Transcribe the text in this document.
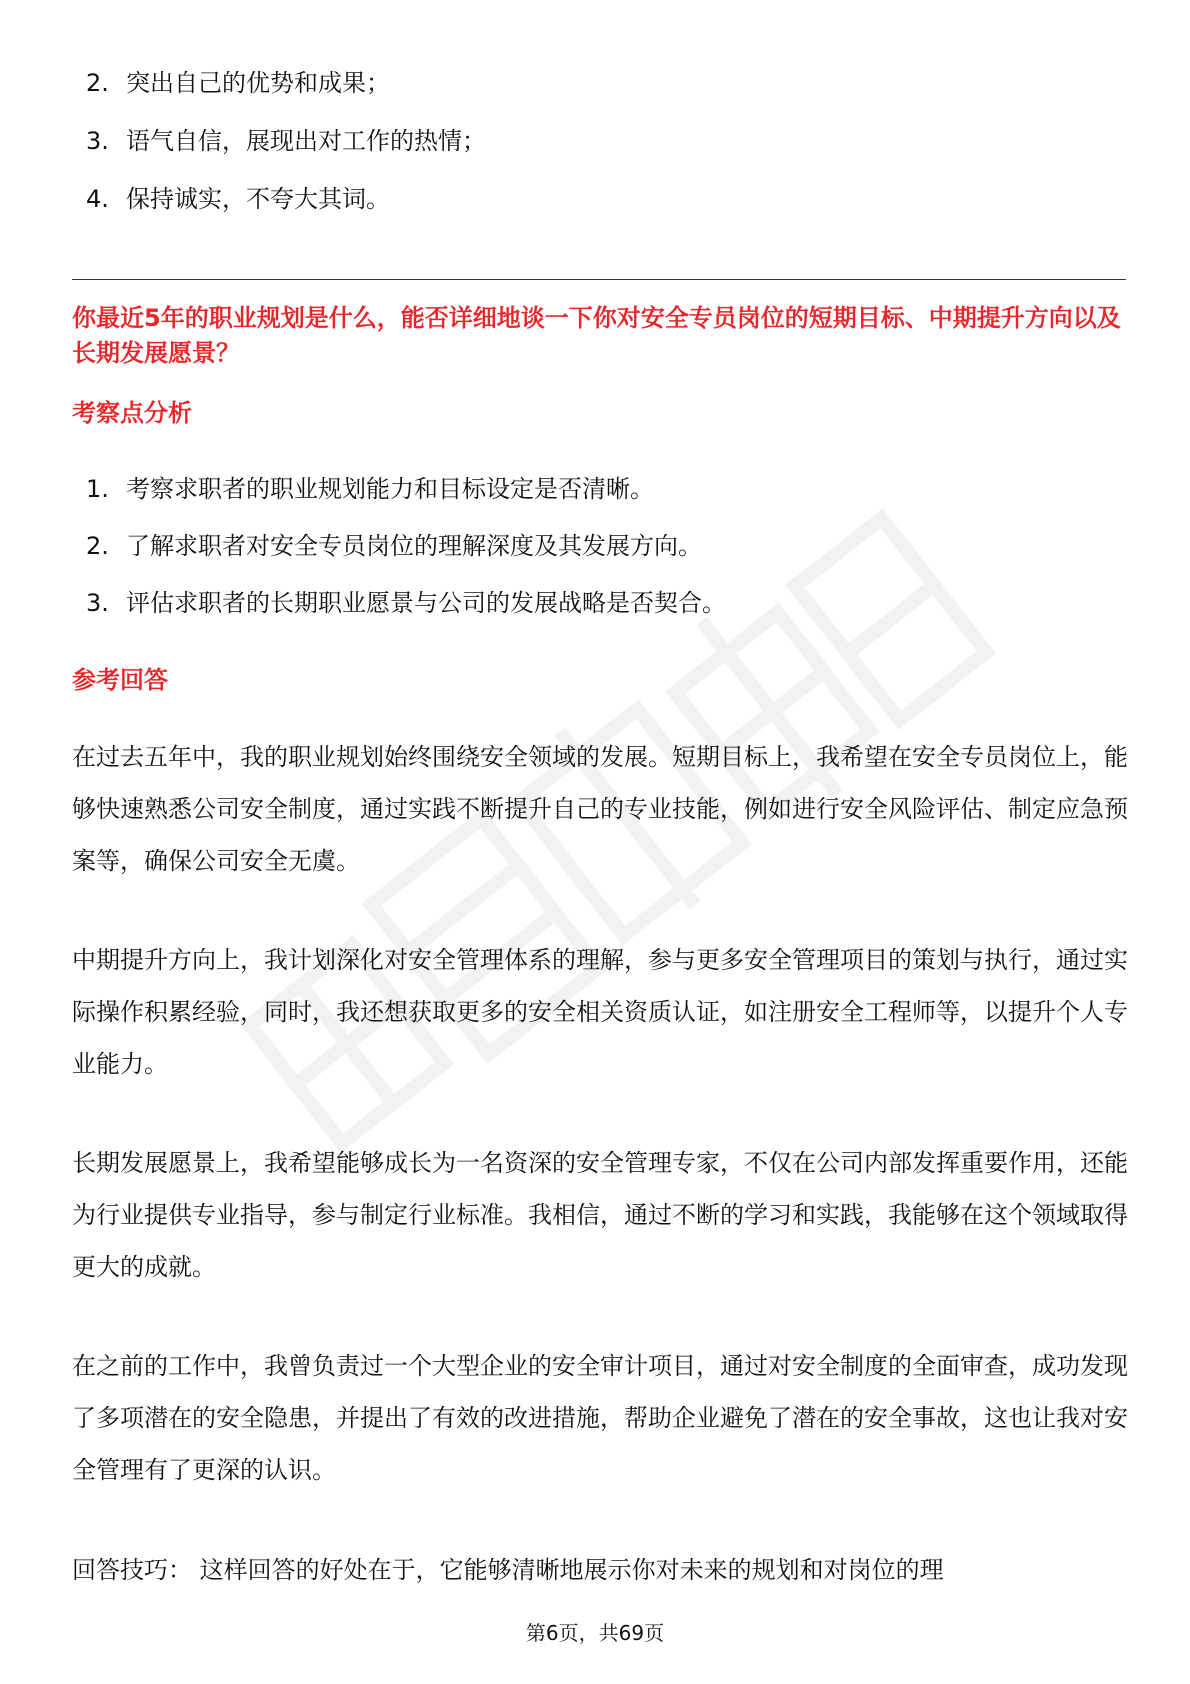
2. 突出自己的优势和成果；
3. 语气自信，展现出对工作的热情；
4. 保持诚实，不夸大其词。

你最近5年的职业规划是什么，能否详细地谈一下你对安全专员岗位的短期目标、中期提升方向以及长期发展愿景？

考察点分析
1. 考察求职者的职业规划能力和目标设定是否清晰。
2. 了解求职者对安全专员岗位的理解深度及其发展方向。
3. 评估求职者的长期职业愿景与公司的发展战略是否契合。
参考回答

在过去五年中，我的职业规划始终围绕安全领域的发展。短期目标上，我希望在安全专员岗位上，能够快速熟悉公司安全制度，通过实践不断提升自己的专业技能，例如进行安全风险评估、制定应急预案等，确保公司安全无虞。

中期提升方向上，我计划深化对安全管理体系的理解，参与更多安全管理项目的策划与执行，通过实际操作积累经验，同时，我还想获取更多的安全相关资质认证，如注册安全工程师等，以提升个人专业能力。

长期发展愿景上，我希望能够成长为一名资深的安全管理专家，不仅在公司内部发挥重要作用，还能为行业提供专业指导，参与制定行业标准。我相信，通过不断的学习和实践，我能够在这个领域取得更大的成就。

在之前的工作中，我曾负责过一个大型企业的安全审计项目，通过对安全制度的全面审查，成功发现了多项潜在的安全隐患，并提出了有效的改进措施，帮助企业避免了潜在的安全事故，这也让我对安全管理有了更深的认识。

回答技巧： 这样回答的好处在于，它能够清晰地展示你对未来的规划和对岗位的理

第6页，共69页
